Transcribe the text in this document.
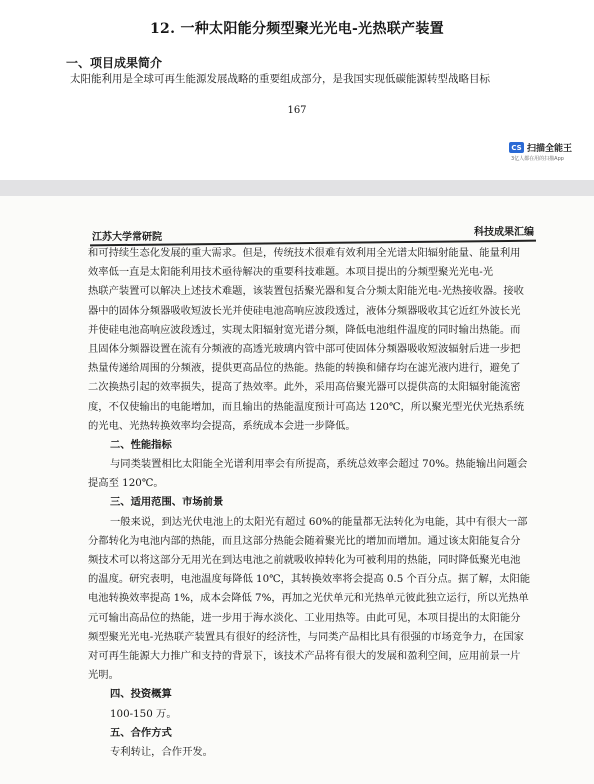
12. 一种太阳能分频型聚光光电-光热联产装置
一、项目成果简介
太阳能利用是全球可再生能源发展战略的重要组成部分，是我国实现低碳能源转型战略目标
167
CS 扫描全能王
3亿人都在用的扫描App
江苏大学常研院	科技成果汇编
和可持续生态化发展的重大需求。但是，传统技术很难有效利用全光谱太阳辐射能量、能量利用
效率低一直是太阳能利用技术亟待解决的重要科技难题。本项目提出的分频型聚光光电-光
热联产装置可以解决上述技术难题，该装置包括聚光器和复合分频太阳能光电-光热接收器。接收
器中的固体分频器吸收短波长光并使硅电池高响应波段透过，液体分频器吸收其它近红外波长光
并使硅电池高响应波段透过，实现太阳辐射宽光谱分频，降低电池组件温度的同时输出热能。而
且固体分频器设置在流有分频液的高透光玻璃内管中部可使固体分频器吸收短波辐射后进一步把
热量传递给周围的分频液，提供更高品位的热能。热能的转换和储存均在滤光液内进行，避免了
二次换热引起的效率损失，提高了热效率。此外，采用高倍聚光器可以提供高的太阳辐射能流密
度，不仅使输出的电能增加，而且输出的热能温度预计可高达 120℃，所以聚光型光伏光热系统
的光电、光热转换效率均会提高，系统成本会进一步降低。
二、性能指标
与同类装置相比太阳能全光谱利用率会有所提高，系统总效率会超过 70%。热能输出问题会
提高至 120℃。
三、适用范围、市场前景
一般来说，到达光伏电池上的太阳光有超过 60%的能量都无法转化为电能，其中有很大一部
分都转化为电池内部的热能，而且这部分热能会随着聚光比的增加而增加。通过该太阳能复合分
频技术可以将这部分无用光在到达电池之前就吸收掉转化为可被利用的热能，同时降低聚光电池
的温度。研究表明，电池温度每降低 10℃，其转换效率将会提高 0.5 个百分点。据了解，太阳能
电池转换效率提高 1%，成本会降低 7%，再加之光伏单元和光热单元彼此独立运行，所以光热单
元可输出高品位的热能，进一步用于海水淡化、工业用热等。由此可见，本项目提出的太阳能分
频型聚光光电-光热联产装置具有很好的经济性，与同类产品相比具有很强的市场竞争力，在国家
对可再生能源大力推广和支持的背景下，该技术产品将有很大的发展和盈利空间，应用前景一片
光明。
四、投资概算
100-150 万。
五、合作方式
专利转让，合作开发。
